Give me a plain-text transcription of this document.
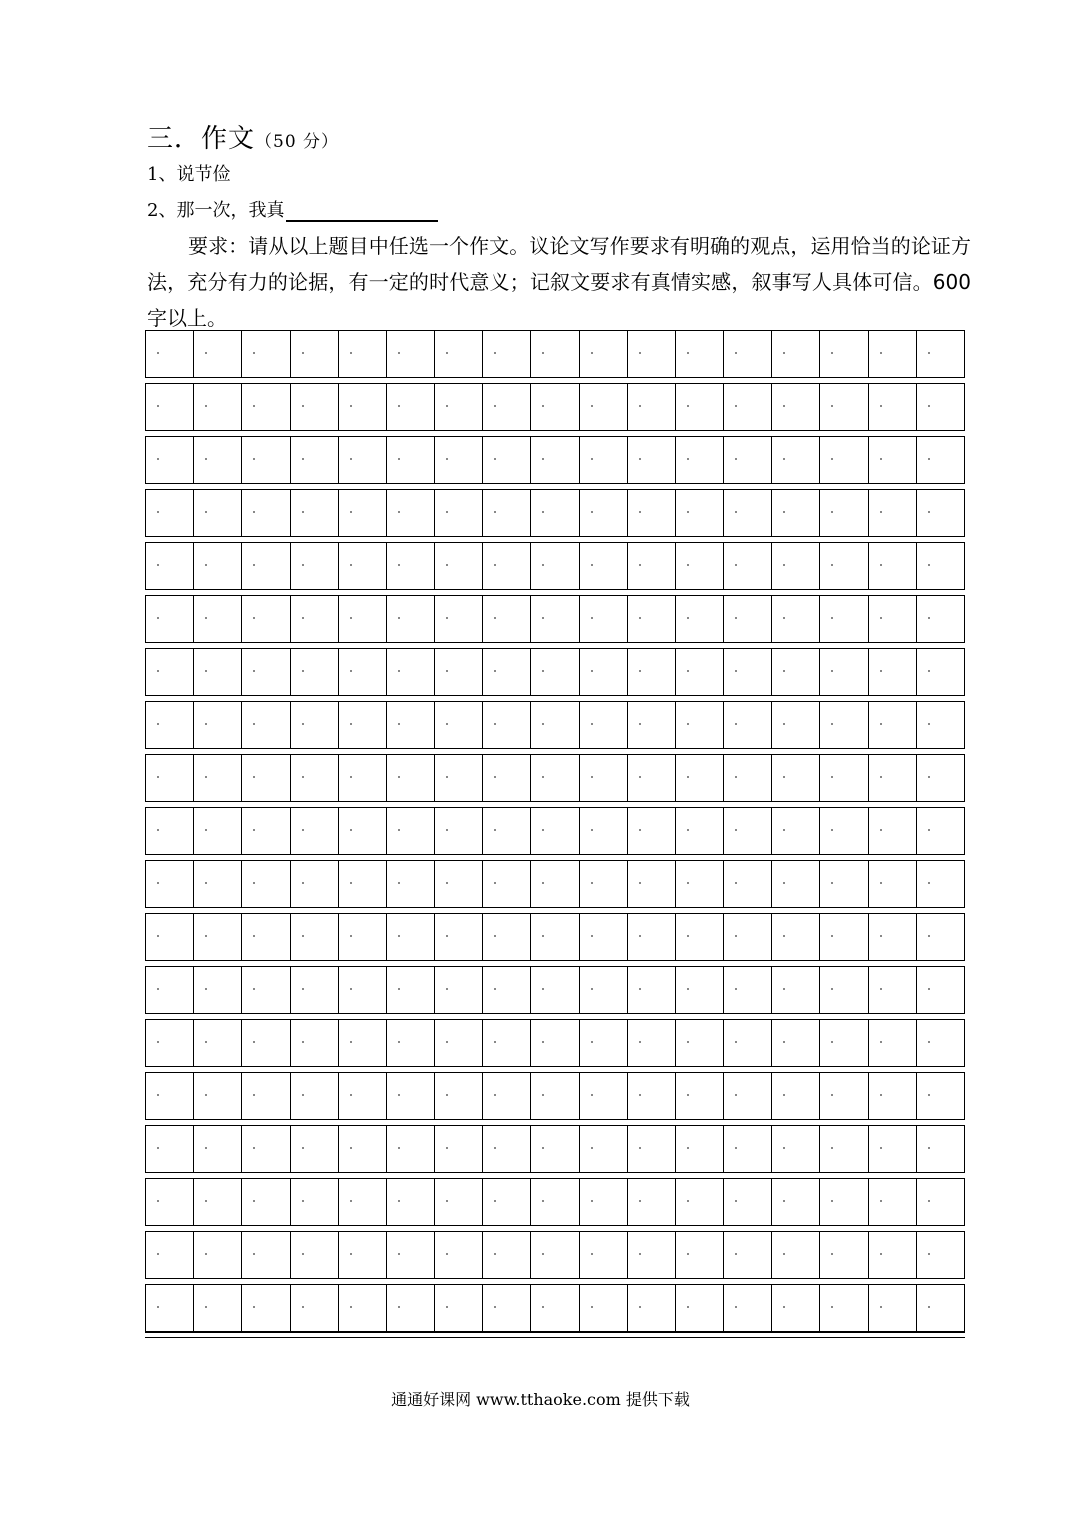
三．作文（50 分）
1、说节俭
2、那一次，我真
要求：请从以上题目中任选一个作文。议论文写作要求有明确的观点，运用恰当的论证方法，充分有力的论据，有一定的时代意义；记叙文要求有真情实感，叙事写人具体可信。600 字以上。
通通好课网 www.tthaoke.com 提供下载
